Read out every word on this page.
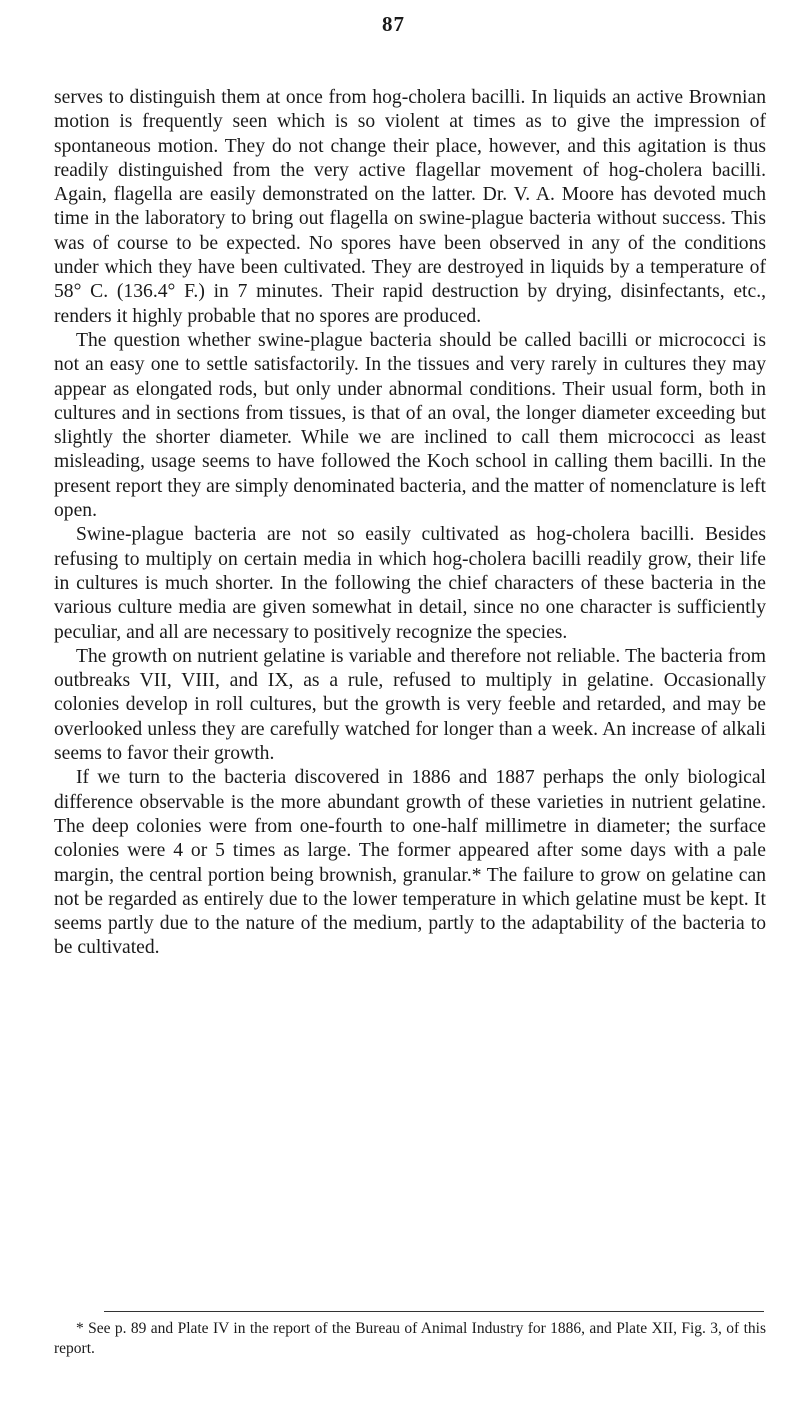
87

serves to distinguish them at once from hog-cholera bacilli. In liquids an active Brownian motion is frequently seen which is so violent at times as to give the impression of spontaneous motion. They do not change their place, however, and this agitation is thus readily distinguished from the very active flagellar movement of hog-cholera bacilli. Again, flagella are easily demonstrated on the latter. Dr. V. A. Moore has devoted much time in the laboratory to bring out flagella on swine-plague bacteria without success. This was of course to be expected. No spores have been observed in any of the conditions under which they have been cultivated. They are destroyed in liquids by a temperature of 58° C. (136.4° F.) in 7 minutes. Their rapid destruction by drying, disinfectants, etc., renders it highly probable that no spores are produced.

The question whether swine-plague bacteria should be called bacilli or micrococci is not an easy one to settle satisfactorily. In the tissues and very rarely in cultures they may appear as elongated rods, but only under abnormal conditions. Their usual form, both in cultures and in sections from tissues, is that of an oval, the longer diameter exceeding but slightly the shorter diameter. While we are inclined to call them micrococci as least misleading, usage seems to have followed the Koch school in calling them bacilli. In the present report they are simply denominated bacteria, and the matter of nomenclature is left open.

Swine-plague bacteria are not so easily cultivated as hog-cholera bacilli. Besides refusing to multiply on certain media in which hog-cholera bacilli readily grow, their life in cultures is much shorter. In the following the chief characters of these bacteria in the various culture media are given somewhat in detail, since no one character is sufficiently peculiar, and all are necessary to positively recognize the species.

The growth on nutrient gelatine is variable and therefore not reliable. The bacteria from outbreaks VII, VIII, and IX, as a rule, refused to multiply in gelatine. Occasionally colonies develop in roll cultures, but the growth is very feeble and retarded, and may be overlooked unless they are carefully watched for longer than a week. An increase of alkali seems to favor their growth.

If we turn to the bacteria discovered in 1886 and 1887 perhaps the only biological difference observable is the more abundant growth of these varieties in nutrient gelatine. The deep colonies were from one-fourth to one-half millimetre in diameter; the surface colonies were 4 or 5 times as large. The former appeared after some days with a pale margin, the central portion being brownish, granular.* The failure to grow on gelatine can not be regarded as entirely due to the lower temperature in which gelatine must be kept. It seems partly due to the nature of the medium, partly to the adaptability of the bacteria to be cultivated.

* See p. 89 and Plate IV in the report of the Bureau of Animal Industry for 1886, and Plate XII, Fig. 3, of this report.
